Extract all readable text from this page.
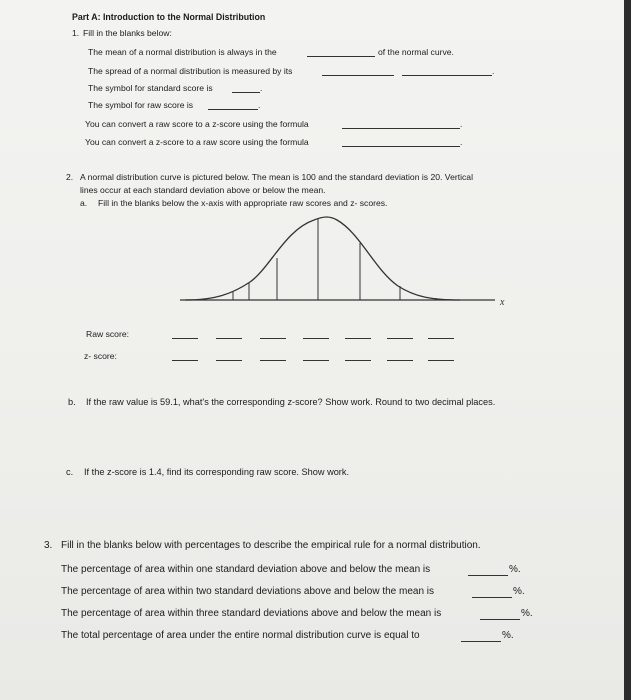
Part A: Introduction to the Normal Distribution
1. Fill in the blanks below:
The mean of a normal distribution is always in the	of the normal curve.
The spread of a normal distribution is measured by its	.
The symbol for standard score is	.
The symbol for raw score is	.
You can convert a raw score to a z-score using the formula	.
You can convert a z-score to a raw score using the formula	.
2. A normal distribution curve is pictured below. The mean is 100 and the standard deviation is 20. Vertical
lines occur at each standard deviation above or below the mean.
a. Fill in the blanks below the x-axis with appropriate raw scores and z- scores.
x
Raw score:
z- score:
b. If the raw value is 59.1, what's the corresponding z-score? Show work. Round to two decimal places.
c. If the z-score is 1.4, find its corresponding raw score. Show work.
3. Fill in the blanks below with percentages to describe the empirical rule for a normal distribution.
The percentage of area within one standard deviation above and below the mean is	%.
The percentage of area within two standard deviations above and below the mean is	%.
The percentage of area within three standard deviations above and below the mean is	%.
The total percentage of area under the entire normal distribution curve is equal to	%.
